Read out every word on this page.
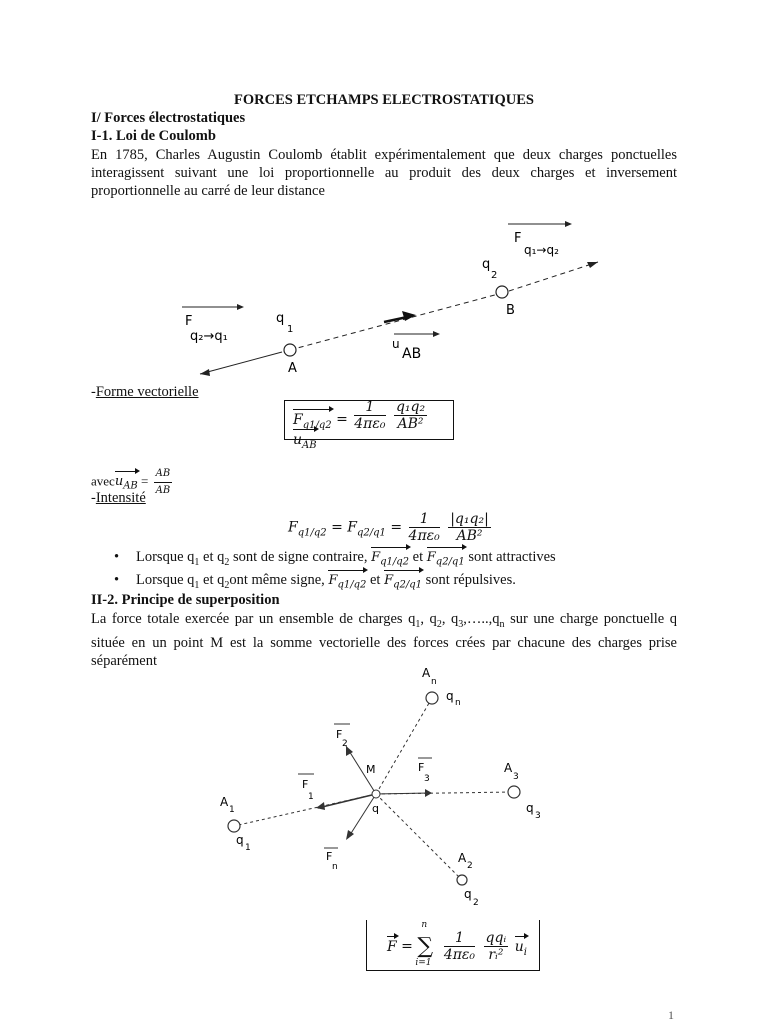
FORCES ETCHAMPS ELECTROSTATIQUES
I/ Forces électrostatiques
I-1. Loi de Coulomb
En 1785, Charles Augustin Coulomb établit expérimentalement que deux charges ponctuelles interagissent suivant une loi proportionnelle au produit des deux charges et inversement proportionnelle au carré de leur distance
F
q₂→q₁
q
1
A
u
AB
B
q
2
F
q₁→q₂
-Forme vectorielle
$F_{q1/q2} = \frac{1}{\text{4πε₀}}$
$\frac{\text{q₁q₂}}{\text{AB²}}$
$u_{AB}$
avecu$_{AB}$ = $\frac{AB}{AB}$
-Intensité
$F_{q1/q2} = F_{q2/q1} = \frac{1}{\text{4πε₀}}$
$\frac{\text{|q₁q₂|}}{\text{AB²}}$
• Lorsque $q_1$ et $q_2$ sont de signe contraire, $F_{q1/q2}$ et $F_{q2/q1}$ sont attractives
• Lorsque $q_1$ et $q_2ont$ même signe, $F_{q1/q2}$ et $F_{q2/q1}$ sont répulsives.
II-2. Principe de superposition
La force totale exercée par un ensemble de charges $q_1$, $q_2$, $q_3,\dots..,q_n$ sur une charge ponctuelle q située en un point M est la somme vectorielle des forces crées par chacune des charges prise séparément
A
n
q n
F
2
M
q
F
3
A
3
q
3
F
1
A
1
q
1
F
n
A
2
q
2
F =
n
∑
i=1
$\frac{1}{\text{4πε₀}}$
$\frac{\text{qqᵢ}}{\text{rᵢ²}} u_i$
1
